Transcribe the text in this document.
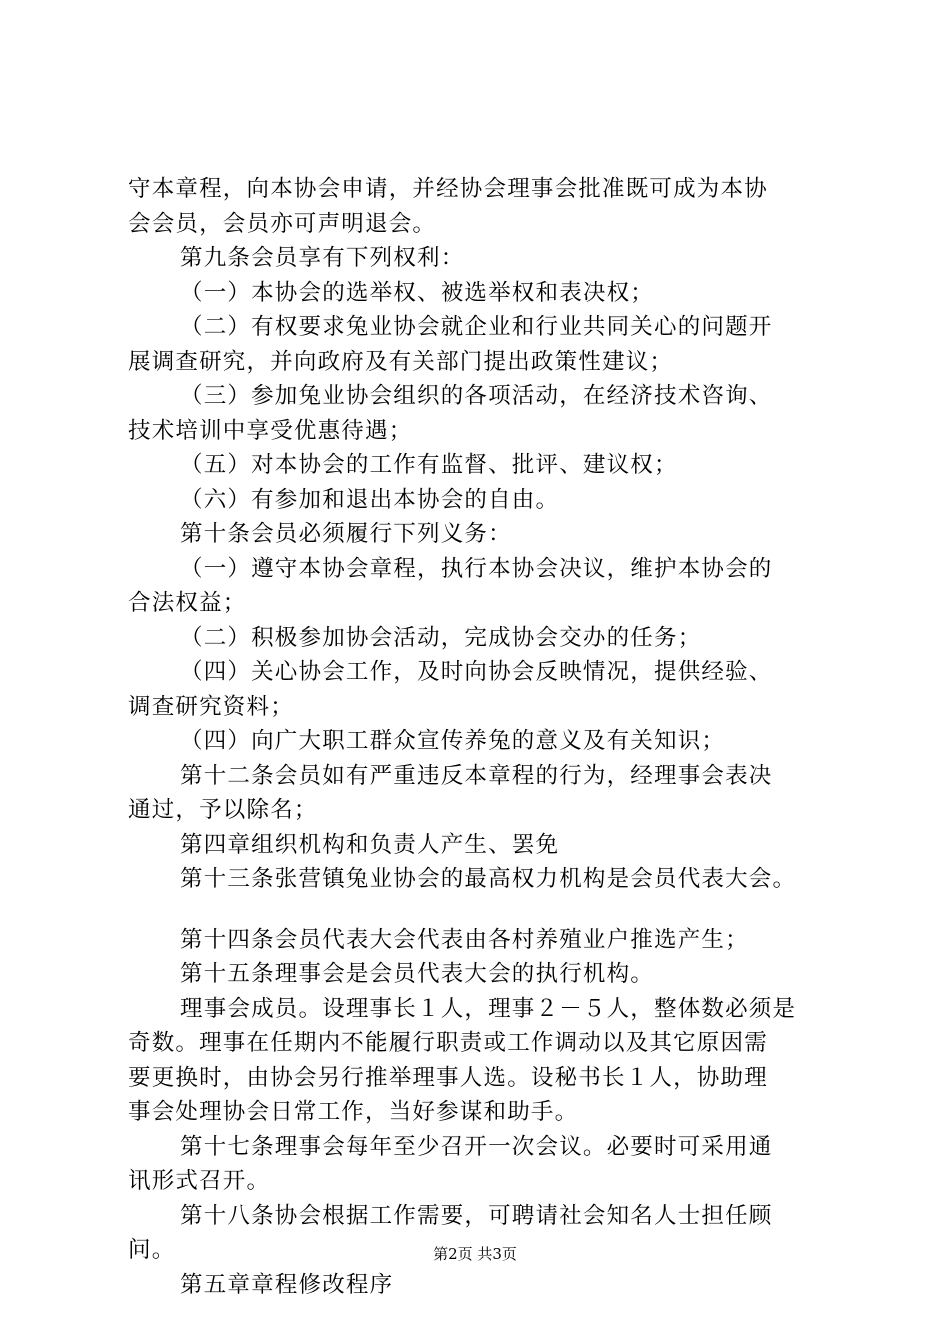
守本章程，向本协会申请，并经协会理事会批准既可成为本协
会会员，会员亦可声明退会。
第九条会员享有下列权利：
（一）本协会的选举权、被选举权和表决权；
（二）有权要求兔业协会就企业和行业共同关心的问题开
展调查研究，并向政府及有关部门提出政策性建议；
（三）参加兔业协会组织的各项活动，在经济技术咨询、
技术培训中享受优惠待遇；
（五）对本协会的工作有监督、批评、建议权；
（六）有参加和退出本协会的自由。
第十条会员必须履行下列义务：
（一）遵守本协会章程，执行本协会决议，维护本协会的
合法权益；
（二）积极参加协会活动，完成协会交办的任务；
（四）关心协会工作，及时向协会反映情况，提供经验、
调查研究资料；
（四）向广大职工群众宣传养兔的意义及有关知识；
第十二条会员如有严重违反本章程的行为，经理事会表决
通过，予以除名；
第四章组织机构和负责人产生、罢免
第十三条张营镇兔业协会的最高权力机构是会员代表大会。
第十四条会员代表大会代表由各村养殖业户推选产生；
第十五条理事会是会员代表大会的执行机构。
理事会成员。设理事长１人，理事２－５人，整体数必须是
奇数。理事在任期内不能履行职责或工作调动以及其它原因需
要更换时，由协会另行推举理事人选。设秘书长１人，协助理
事会处理协会日常工作，当好参谋和助手。
第十七条理事会每年至少召开一次会议。必要时可采用通
讯形式召开。
第十八条协会根据工作需要，可聘请社会知名人士担任顾
问。
第五章章程修改程序
第2页 共3页
